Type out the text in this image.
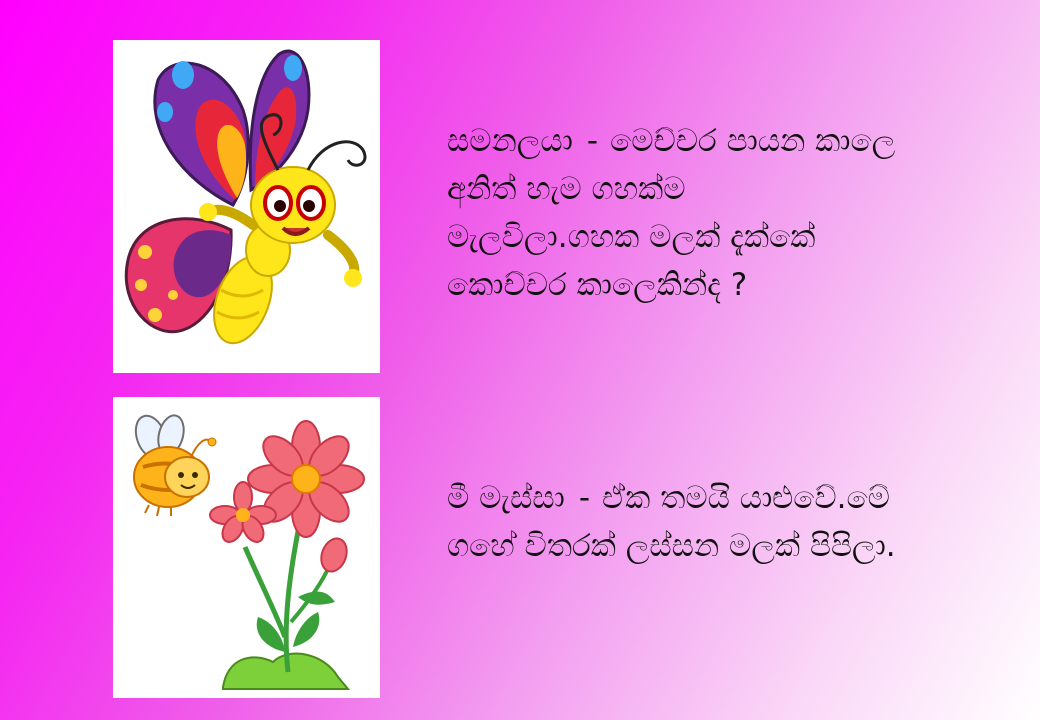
සමනලයා - මෙච්චර පායන කාලෙ
අනිත් හැම ගහක්ම
මැලවිලා.ගහක මලක් දැක්කේ
කොච්චර කාලෙකින්ද ?
මී මැස්සා - ඒක තමයි යාළුවේ.මේ
ගහේ විතරක් ලස්සන මලක් පිපිලා.
